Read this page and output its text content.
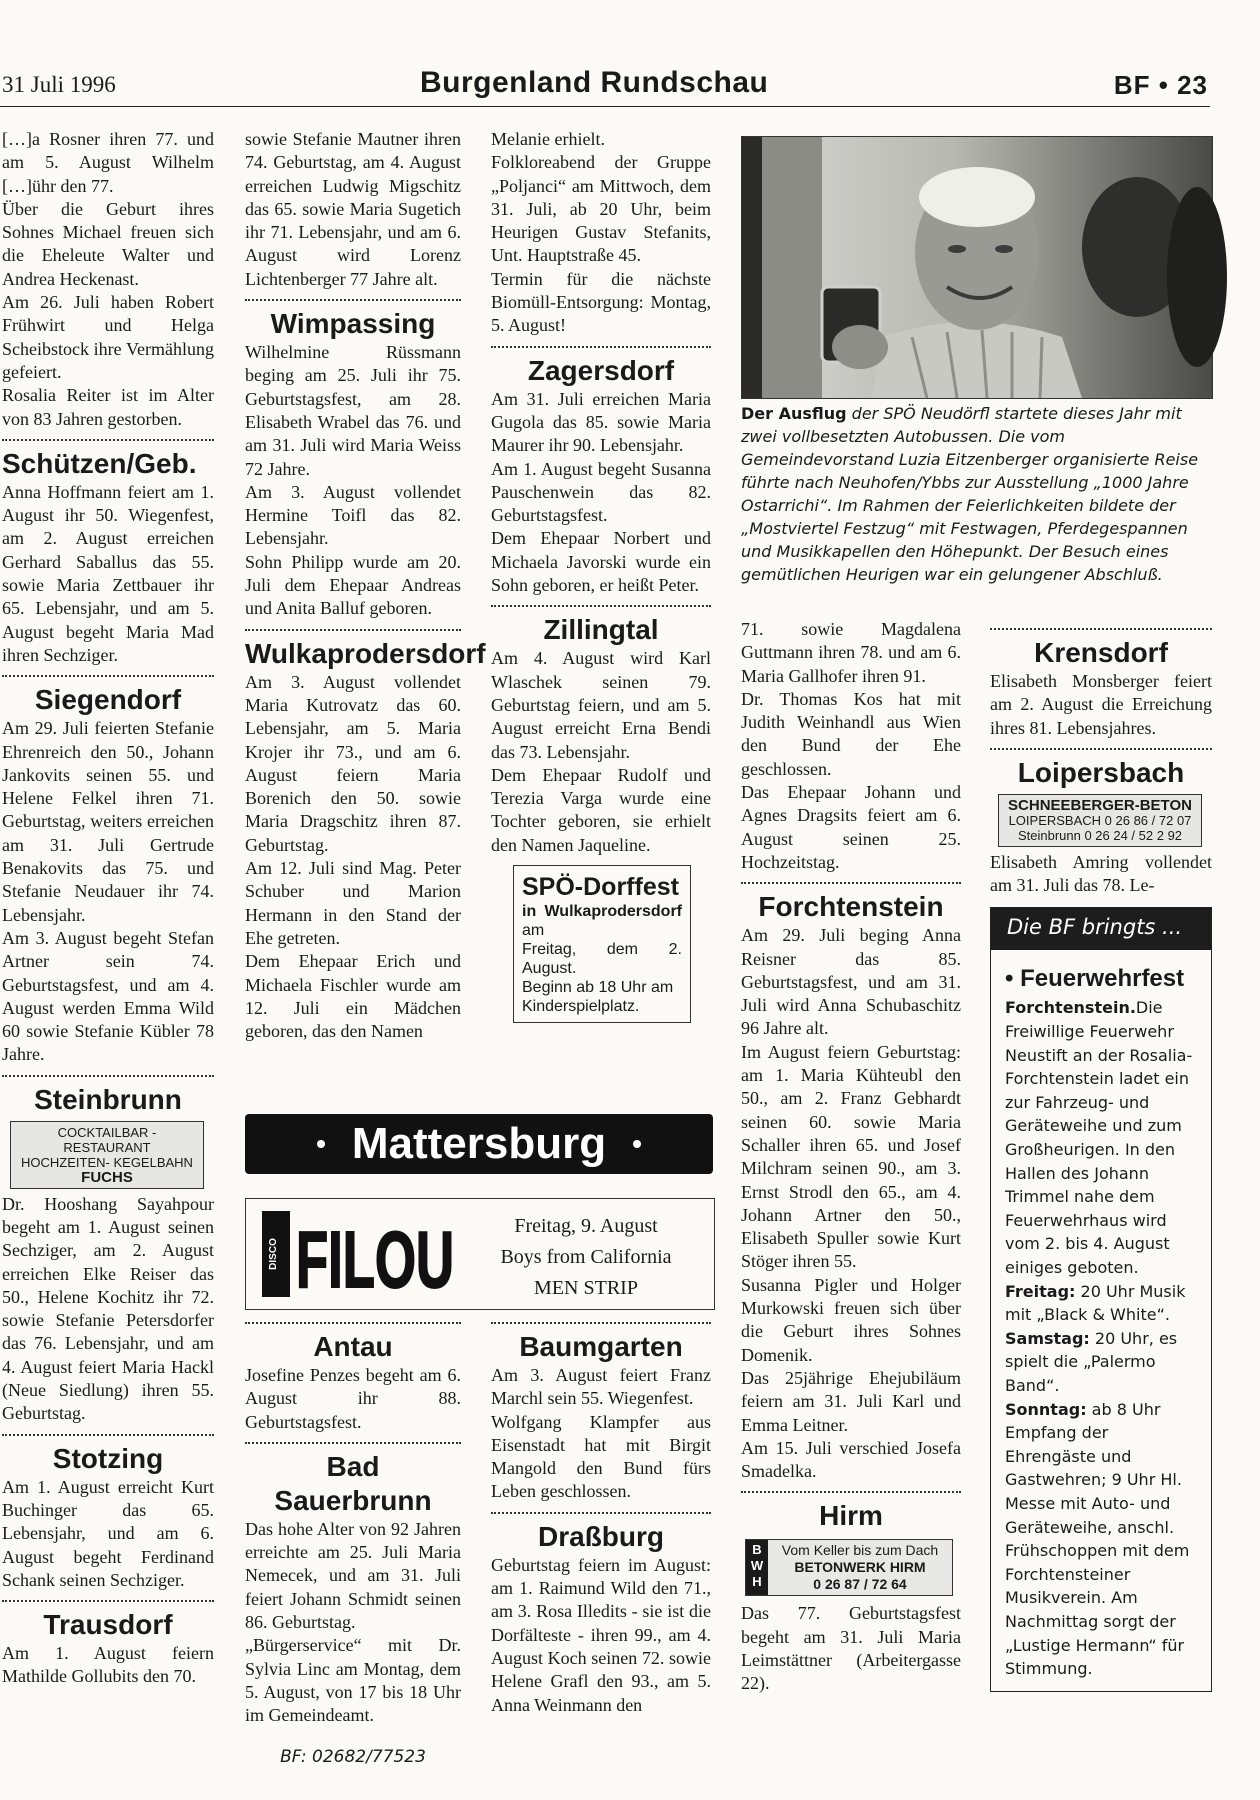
31 Juli 1996	Burgenland Rundschau	BF • 23

[…]a Rosner ihren 77. und am 5. August Wilhelm […]ühr den 77.

Über die Geburt ihres Sohnes Michael freuen sich die Eheleute Walter und Andrea Heckenast.

Am 26. Juli haben Robert Frühwirt und Helga Scheibstock ihre Vermählung gefeiert.

Rosalia Reiter ist im Alter von 83 Jahren gestorben.

Schützen/Geb.

Anna Hoffmann feiert am 1. August ihr 50. Wiegenfest, am 2. August erreichen Gerhard Saballus das 55. sowie Maria Zettbauer ihr 65. Lebensjahr, und am 5. August begeht Maria Mad ihren Sechziger.

Siegendorf

Am 29. Juli feierten Stefanie Ehrenreich den 50., Johann Jankovits seinen 55. und Helene Felkel ihren 71. Geburtstag, weiters erreichen am 31. Juli Gertrude Benakovits das 75. und Stefanie Neudauer ihr 74. Lebensjahr.

Am 3. August begeht Stefan Artner sein 74. Geburtstagsfest, und am 4. August werden Emma Wild 60 sowie Stefanie Kübler 78 Jahre.

Steinbrunn
COCKTAILBAR - RESTAURANT
HOCHZEITEN- KEGELBAHN
FUCHS

Dr. Hooshang Sayahpour begeht am 1. August seinen Sechziger, am 2. August erreichen Elke Reiser das 50., Helene Kochitz ihr 72. sowie Stefanie Petersdorfer das 76. Lebensjahr, und am 4. August feiert Maria Hackl (Neue Siedlung) ihren 55. Geburtstag.

Stotzing

Am 1. August erreicht Kurt Buchinger das 65. Lebensjahr, und am 6. August begeht Ferdinand Schank seinen Sechziger.

Trausdorf

Am 1. August feiern Mathilde Gollubits den 70.

sowie Stefanie Mautner ihren 74. Geburtstag, am 4. August erreichen Ludwig Migschitz das 65. sowie Maria Sugetich ihr 71. Lebensjahr, und am 6. August wird Lorenz Lichtenberger 77 Jahre alt.

Wimpassing

Wilhelmine Rüssmann beging am 25. Juli ihr 75. Geburtstagsfest, am 28. Elisabeth Wrabel das 76. und am 31. Juli wird Maria Weiss 72 Jahre.

Am 3. August vollendet Hermine Toifl das 82. Lebensjahr.

Sohn Philipp wurde am 20. Juli dem Ehepaar Andreas und Anita Balluf geboren.

Wulkaprodersdorf

Am 3. August vollendet Maria Kutrovatz das 60. Lebensjahr, am 5. Maria Krojer ihr 73., und am 6. August feiern Maria Borenich den 50. sowie Maria Dragschitz ihren 87. Geburtstag.

Am 12. Juli sind Mag. Peter Schuber und Marion Hermann in den Stand der Ehe getreten.

Dem Ehepaar Erich und Michaela Fischler wurde am 12. Juli ein Mädchen geboren, das den Namen

Melanie erhielt.

Folkloreabend der Gruppe „Poljanci“ am Mittwoch, dem 31. Juli, ab 20 Uhr, beim Heurigen Gustav Stefanits, Unt. Hauptstraße 45.

Termin für die nächste Biomüll-Entsorgung: Montag, 5. August!

Zagersdorf

Am 31. Juli erreichen Maria Gugola das 85. sowie Maria Maurer ihr 90. Lebensjahr.

Am 1. August begeht Susanna Pauschenwein das 82. Geburtstagsfest.

Dem Ehepaar Norbert und Michaela Javorski wurde ein Sohn geboren, er heißt Peter.

Zillingtal

Am 4. August wird Karl Wlaschek seinen 79. Geburtstag feiern, und am 5. August erreicht Erna Bendi das 73. Lebensjahr.

Dem Ehepaar Rudolf und Terezia Varga wurde eine Tochter geboren, sie erhielt den Namen Jaqueline.

SPÖ-Dorffest
in Wulkaprodersdorf am
Freitag, dem 2. August.
Beginn ab 18 Uhr am
Kinderspielplatz.
Der Ausflug der SPÖ Neudörfl startete dieses Jahr mit zwei vollbesetzten Autobussen. Die vom Gemeindevorstand Luzia Eitzenberger organisierte Reise führte nach Neuhofen/Ybbs zur Ausstellung „1000 Jahre Ostarrichi“. Im Rahmen der Feierlichkeiten bildete der „Mostviertel Festzug“ mit Festwagen, Pferdegespannen und Musikkapellen den Höhepunkt. Der Besuch eines gemütlichen Heurigen war ein gelungener Abschluß.

71. sowie Magdalena Guttmann ihren 78. und am 6. Maria Gallhofer ihren 91.

Dr. Thomas Kos hat mit Judith Weinhandl aus Wien den Bund der Ehe geschlossen.

Das Ehepaar Johann und Agnes Dragsits feiert am 6. August seinen 25. Hochzeitstag.

Forchtenstein

Am 29. Juli beging Anna Reisner das 85. Geburtstagsfest, und am 31. Juli wird Anna Schubaschitz 96 Jahre alt.

Im August feiern Geburtstag: am 1. Maria Kühteubl den 50., am 2. Franz Gebhardt seinen 60. sowie Maria Schaller ihren 65. und Josef Milchram seinen 90., am 3. Ernst Strodl den 65., am 4. Johann Artner den 50., Elisabeth Spuller sowie Kurt Stöger ihren 55.

Susanna Pigler und Holger Murkowski freuen sich über die Geburt ihres Sohnes Domenik.

Das 25jährige Ehejubiläum feiern am 31. Juli Karl und Emma Leitner.

Am 15. Juli verschied Josefa Smadelka.

Hirm
B W H
Vom Keller bis zum Dach
BETONWERK HIRM
0 26 87 / 72 64

Das 77. Geburtstagsfest begeht am 31. Juli Maria Leimstättner (Arbeitergasse 22).

Krensdorf

Elisabeth Monsberger feiert am 2. August die Erreichung ihres 81. Lebensjahres.

Loipersbach
SCHNEEBERGER-BETON
LOIPERSBACH 0 26 86 / 72 07
Steinbrunn 0 26 24 / 52 2 92

Elisabeth Amring vollendet am 31. Juli das 78. Le-

Die BF bringts ...
• Feuerwehrfest
Forchtenstein.Die Freiwillige Feuerwehr Neustift an der Rosalia-Forchtenstein ladet ein zur Fahrzeug- und Geräteweihe und zum Großheurigen. In den Hallen des Johann Trimmel nahe dem Feuerwehrhaus wird vom 2. bis 4. August einiges geboten.
Freitag: 20 Uhr Musik mit „Black & White“.
Samstag: 20 Uhr, es spielt die „Palermo Band“.
Sonntag: ab 8 Uhr Empfang der Ehrengäste und Gastwehren; 9 Uhr Hl. Messe mit Auto- und Geräteweihe, anschl. Frühschoppen mit dem Forchtensteiner Musikverein. Am Nachmittag sorgt der „Lustige Hermann“ für Stimmung.
• Mattersburg •
DISCO FILOU	Freitag, 9. August
Boys from California
MEN STRIP
Antau

Josefine Penzes begeht am 6. August ihr 88. Geburtstagsfest.

Bad Sauerbrunn

Das hohe Alter von 92 Jahren erreichte am 25. Juli Maria Nemecek, und am 31. Juli feiert Johann Schmidt seinen 86. Geburtstag.

„Bürgerservice“ mit Dr. Sylvia Linc am Montag, dem 5. August, von 17 bis 18 Uhr im Gemeindeamt.

BF: 02682/77523
Baumgarten

Am 3. August feiert Franz Marchl sein 55. Wiegenfest.

Wolfgang Klampfer aus Eisenstadt hat mit Birgit Mangold den Bund fürs Leben geschlossen.

Draßburg

Geburtstag feiern im August: am 1. Raimund Wild den 71., am 3. Rosa Illedits - sie ist die Dorfälteste - ihren 99., am 4. August Koch seinen 72. sowie Helene Grafl den 93., am 5. Anna Weinmann den
